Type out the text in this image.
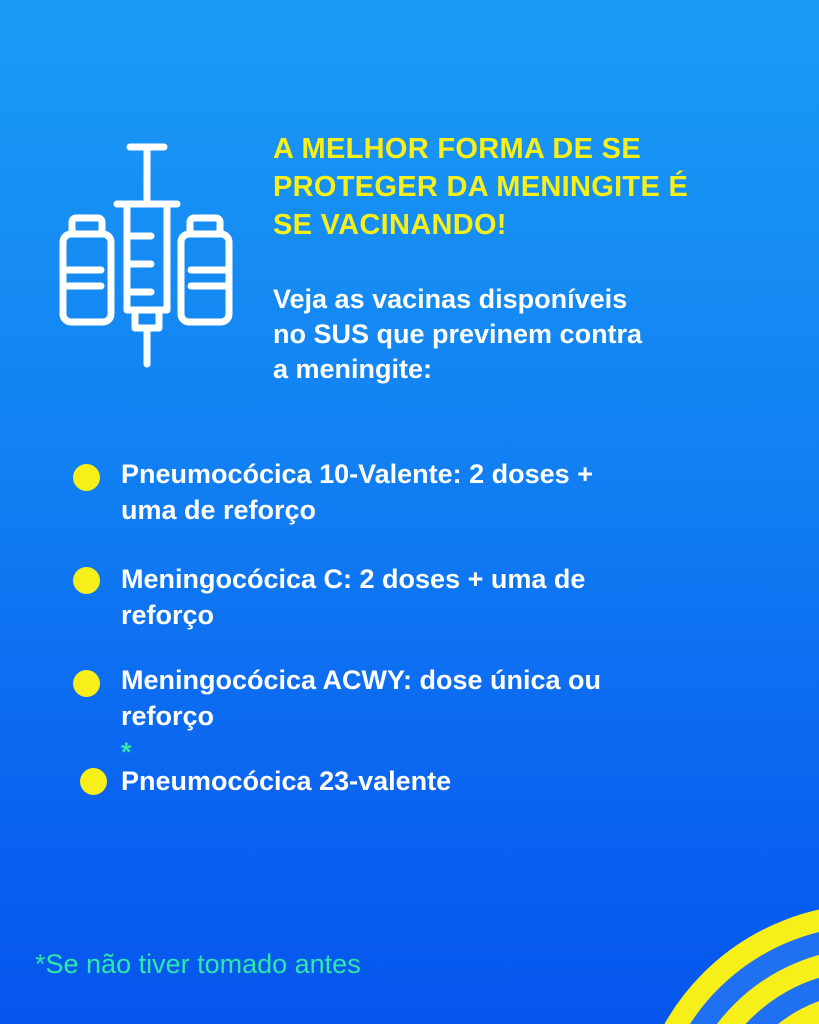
A MELHOR FORMA DE SE
PROTEGER DA MENINGITE É
SE VACINANDO!

Veja as vacinas disponíveis
no SUS que previnem contra
a meningite:

Pneumocócica 10-Valente: 2 doses +
uma de reforço

Meningocócica C: 2 doses + uma de
reforço

Meningocócica ACWY: dose única ou
reforço
*

Pneumocócica 23-valente

*Se não tiver tomado antes
